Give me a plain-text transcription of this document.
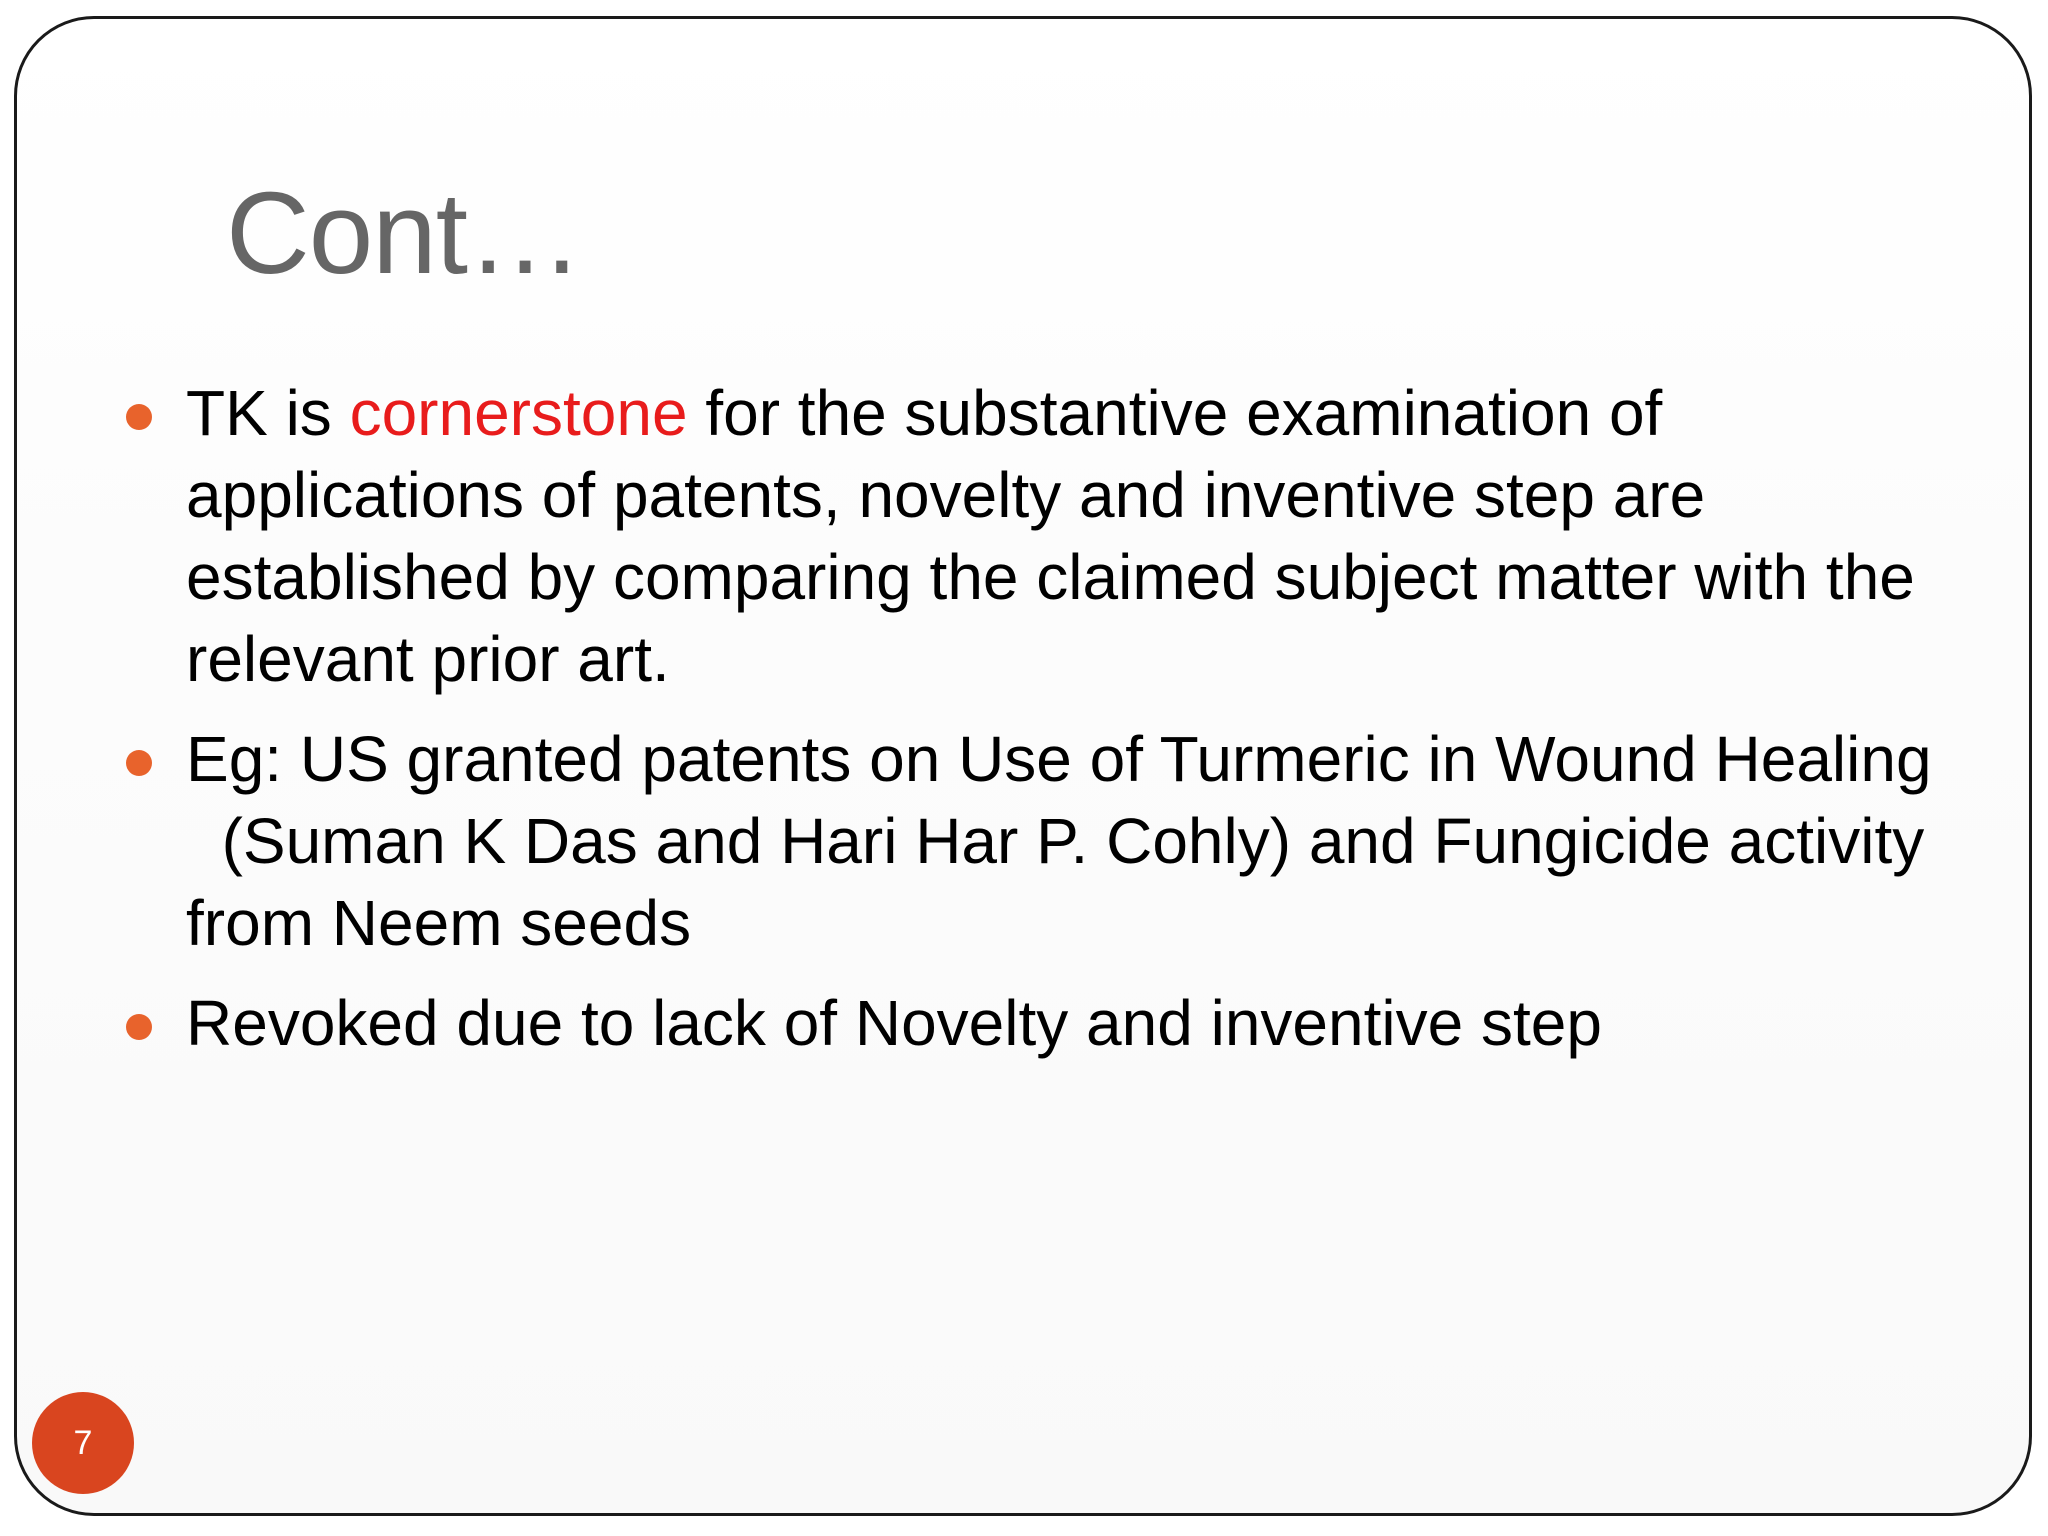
Cont…
TK is cornerstone for the substantive examination of applications of patents, novelty and inventive step are established by comparing the claimed subject matter with the relevant prior art.
Eg: US granted patents on Use of Turmeric in Wound Healing   (Suman K Das and Hari Har P. Cohly) and Fungicide activity from Neem seeds
Revoked due to lack of Novelty and inventive step
7
